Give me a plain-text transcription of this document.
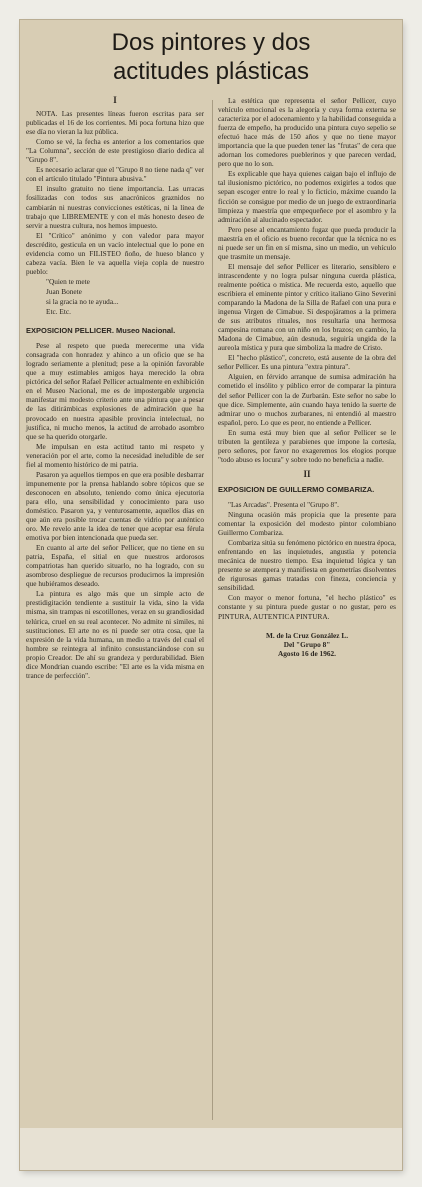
Dos pintores y dos
actitudes plásticas
I

NOTA. Las presentes líneas fueron escritas para ser publicadas el 16 de los corrientes. Mi poca fortuna hizo que ese día no vieran la luz pública.

Como se vé, la fecha es anterior a los comentarios que "La Columna", sección de este prestigioso diario dedica al "Grupo 8".

Es necesario aclarar que el "Grupo 8 no tiene nada q" ver con el artículo titulado "Pintura abusiva."

El insulto gratuito no tiene importancia. Las urracas fosilizadas con todos sus anacrónicos graznidos no cambiarán ni nuestras convicciones estéticas, ni la línea de trabajo que LIBREMENTE y con el más honesto deseo de servir a nuestra cultura, nos hemos impuesto.

El "Crítico" anónimo y con valedor para mayor descrédito, gesticula en un vacío intelectual que lo pone en evidencia como un FILISTEO ñoño, de hueso blanco y cabeza vacía. Bien le va aquella vieja copla de nuestro pueblo:

"Quien te mete
Juan Bonete
si la gracia no te ayuda...
Etc. Etc.
EXPOSICION PELLICER. Museo Nacional.

Pese al respeto que pueda merecerme una vida consagrada con honradez y ahinco a un oficio que se ha logrado seriamente a plenitud; pese a la opinión favorable que a muy estimables amigos haya merecido la obra pictórica del señor Rafael Pellicer actualmente en exhibición en el Museo Nacional, me es de impostergable urgencia manifestar mi modesto criterio ante una pintura que a pesar de las ditirámbicas explosiones de admiración que ha provocado en nuestra apasible provincia intelectual, no justifica, ni mucho menos, la actitud de arrobado asombro que se ha querido otorgarle.

Me impulsan en esta actitud tanto mi respeto y veneración por el arte, como la necesidad ineludible de ser fiel al momento histórico de mi patria.

Pasaron ya aquellos tiempos en que era posible desbarrar impunemente por la prensa hablando sobre tópicos que se desconocen en absoluto, teniendo como única ejecutoria para ello, una sensibilidad y conocimiento para uso doméstico. Pasaron ya, y venturosamente, aquellos días en que aún era posible trocar cuentas de vidrio por auténtico oro. Me revelo ante la idea de tener que aceptar esa férula emotiva por bien intencionada que pueda ser.

En cuanto al arte del señor Pellicer, que no tiene en su patria, España, el sitial en que nuestros ardorosos compatriotas han querido situarlo, no ha logrado, con su asombroso despliegue de recursos producirnos la impresión que hubiéramos deseado.

La pintura es algo más que un simple acto de prestidigitación tendiente a sustituir la vida, sino la vida misma, sin trampas ni escotillones, veraz en su grandiosidad telúrica, cruel en su real acontecer. No admite ni símiles, ni sustituciones. El arte no es ni puede ser otra cosa, que la expresión de la vida humana, un medio a través del cual el hombre se reintegra al infinito consustanciándose con su propio Creador. De ahí su grandeza y perdurabilidad. Bien dice Mondrian cuando escribe: "El arte es la vida misma en trance de perfección".

La estética que representa el señor Pellicer, cuyo vehículo emocional es la alegoría y cuya forma externa se caracteriza por el adocenamiento y la habilidad conseguida a fuerza de empeño, ha producido una pintura cuyo sepelio se efectuó hace más de 150 años y que no tiene mayor importancia que la que pueden tener las "frutas" de cera que adornan los comedores pueblerinos y que parecen verdad, pero que no lo son.

Es explicable que haya quienes caigan bajo el influjo de tal ilusionismo pictórico, no podemos exigirles a todos que sepan escoger entre lo real y lo ficticio, máxime cuando la ficción se consigue por medio de un juego de extraordinaria limpieza y maestría que empequeñece por el asombro y la admiración al alucinado espectador.

Pero pese al encantamiento fugaz que pueda producir la maestría en el oficio es bueno recordar que la técnica no es ni puede ser un fin en sí misma, sino un medio, un vehículo que trasmite un mensaje.

El mensaje del señor Pellicer es literario, sensiblero e intrascendente y no logra pulsar ninguna cuerda plástica, realmente poética o mística. Me recuerda esto, aquello que escribiera el eminente pintor y crítico italiano Gino Severini comparando la Madona de la Silla de Rafael con una pura e ingenua Virgen de Cimabue. Si despojáramos a la primera de sus atributos rituales, nos resultaría una hermosa campesina romana con un niño en los brazos; en cambio, la Madona de Cimabue, aún desnuda, seguiría ungida de la aureola mística y pura que simboliza la madre de Cristo.

El "hecho plástico", concreto, está ausente de la obra del señor Pellicer. Es una pintura "extra pintura".

Alguien, en férvido arranque de sumisa admiración ha cometido el insólito y público error de comparar la pintura del señor Pellicer con la de Zurbarán. Este señor no sabe lo que dice. Simplemente, aún cuando haya tenido la suerte de admirar uno o muchos zurbaranes, ni entendió al maestro español, pero. Lo que es peor, no entiende a Pellicer.

En suma está muy bien que al señor Pellicer se le tributen la gentileza y parabienes que impone la cortesía, pero señores, por favor no exageremos los elogios porque "todo abuso es locura" y sobre todo no beneficia a nadie.

II
EXPOSICION DE GUILLERMO COMBARIZA.

"Las Arcadas". Presenta el "Grupo 8".

Ninguna ocasión más propicia que la presente para comentar la exposición del modesto pintor colombiano Guillermo Combariza.

Combariza sitúa su fenómeno pictórico en nuestra época, enfrentando en las inquietudes, angustia y potencia mecánica de nuestro tiempo. Esa inquietud lógica y tan presente se atempera y manifiesta en geometrías disolventes de rigurosas gamas tratadas con fineza, conciencia y sensibilidad.

Con mayor o menor fortuna, "el hecho plástico" es constante y su pintura puede gustar o no gustar, pero es PINTURA, AUTENTICA PINTURA.

M. de la Cruz González L.
Del "Grupo 8"
Agosto 16 de 1962.
